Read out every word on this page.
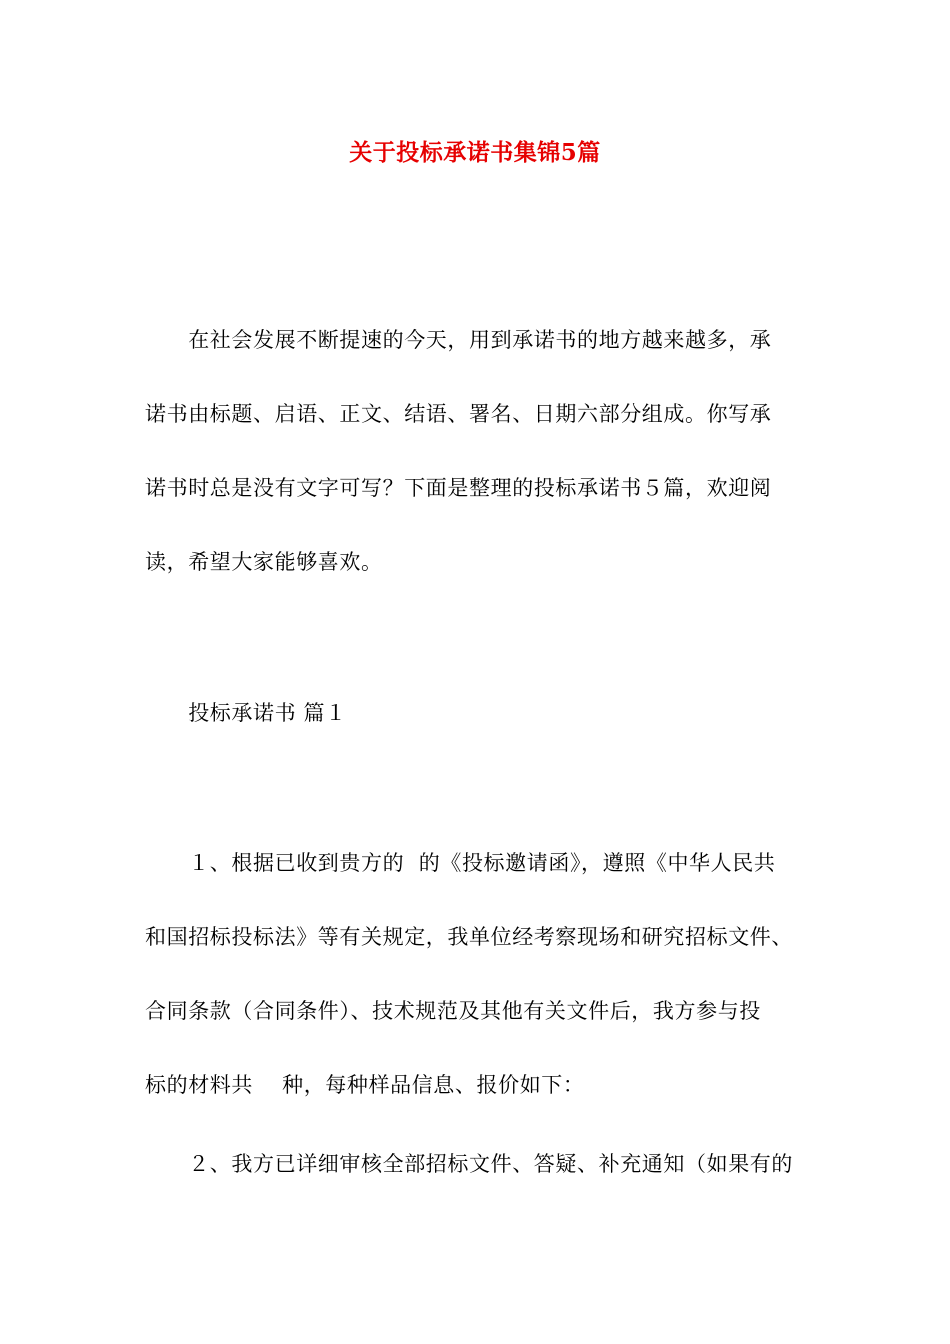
关于投标承诺书集锦5篇
　　在社会发展不断提速的今天，用到承诺书的地方越来越多，承
诺书由标题、启语、正文、结语、署名、日期六部分组成。你写承
诺书时总是没有文字可写？下面是整理的投标承诺书５篇，欢迎阅
读，希望大家能够喜欢。
　　投标承诺书 篇１
　　１、根据已收到贵方的  的《投标邀请函》，遵照《中华人民共
和国招标投标法》等有关规定，我单位经考察现场和研究招标文件、
合同条款（合同条件）、技术规范及其他有关文件后，我方参与投
标的材料共    种，每种样品信息、报价如下：
　　２、我方已详细审核全部招标文件、答疑、补充通知（如果有的
